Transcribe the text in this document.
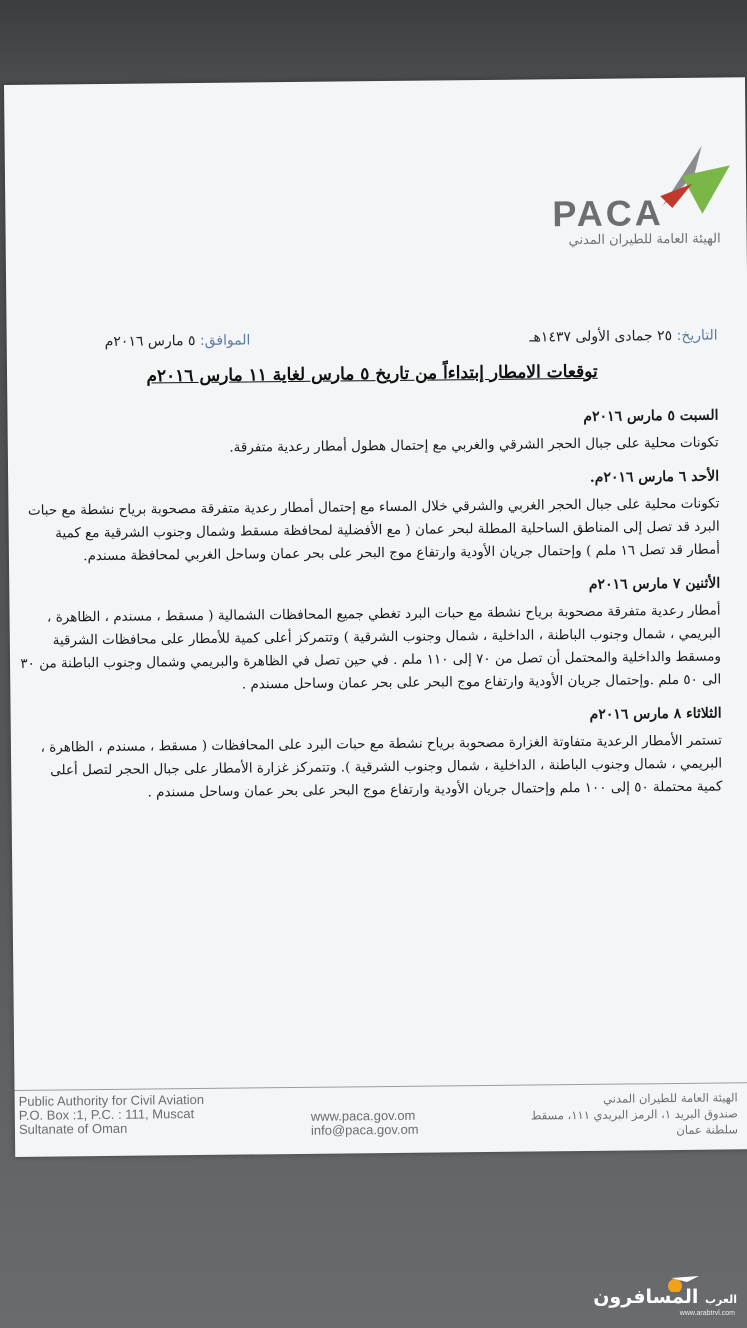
PACA
الهيئة العامة للطيران المدني
التاريخ: ٢٥ جمادى الأولى ١٤٣٧هـ
الموافق: ٥ مارس ٢٠١٦م
توقعات الامطار إبتداءاً من تاريخ ٥ مارس لغاية ١١ مارس ٢٠١٦م
السبت ٥ مارس ٢٠١٦م
تكونات محلية على جبال الحجر الشرقي والغربي مع إحتمال هطول أمطار رعدية متفرقة.
الأحد ٦ مارس ٢٠١٦م.
تكونات محلية على جبال الحجر الغربي والشرقي خلال المساء مع إحتمال أمطار رعدية متفرقة مصحوبة برياح نشطة مع حبات البرد قد تصل إلى المناطق الساحلية المطلة لبحر عمان ( مع الأفضلية لمحافظة مسقط وشمال وجنوب الشرقية مع كمية أمطار قد تصل ١٦ ملم ) وإحتمال جريان الأودية وارتفاع موج البحر على بحر عمان وساحل الغربي لمحافظة مسندم.
الأثنين ٧ مارس ٢٠١٦م
أمطار رعدية متفرقة مصحوبة برياح نشطة مع حبات البرد تغطي جميع المحافظات الشمالية ( مسقط ، مسندم ، الظاهرة ، البريمي ، شمال وجنوب الباطنة ، الداخلية ، شمال وجنوب الشرقية ) وتتمركز أعلى كمية للأمطار على محافظات الشرقية ومسقط والداخلية والمحتمل أن تصل من ٧٠ إلى ١١٠ ملم . في حين تصل في الظاهرة والبريمي وشمال وجنوب الباطنة من ٣٠ الى ٥٠ ملم .وإحتمال جريان الأودية وارتفاع موج البحر على بحر عمان وساحل مسندم .
الثلاثاء ٨ مارس ٢٠١٦م
تستمر الأمطار الرعدية متفاوتة الغزارة مصحوبة برياح نشطة مع حبات البرد على المحافظات ( مسقط ، مسندم ، الظاهرة ، البريمي ، شمال وجنوب الباطنة ، الداخلية ، شمال وجنوب الشرقية ). وتتمركز غزارة الأمطار على جبال الحجر لتصل أعلى كمية محتملة ٥٠ إلى ١٠٠ ملم وإحتمال جريان الأودية وارتفاع موج البحر على بحر عمان وساحل مسندم .
Public Authority for Civil Aviation
P.O. Box :1, P.C. : 111, Muscat
Sultanate of Oman
www.paca.gov.om
info@paca.gov.om
الهيئة العامة للطيران المدني
صندوق البريد ١، الرمز البريدي ١١١، مسقط
سلطنة عمان
العرب المسافرون
www.arabtrvl.com
